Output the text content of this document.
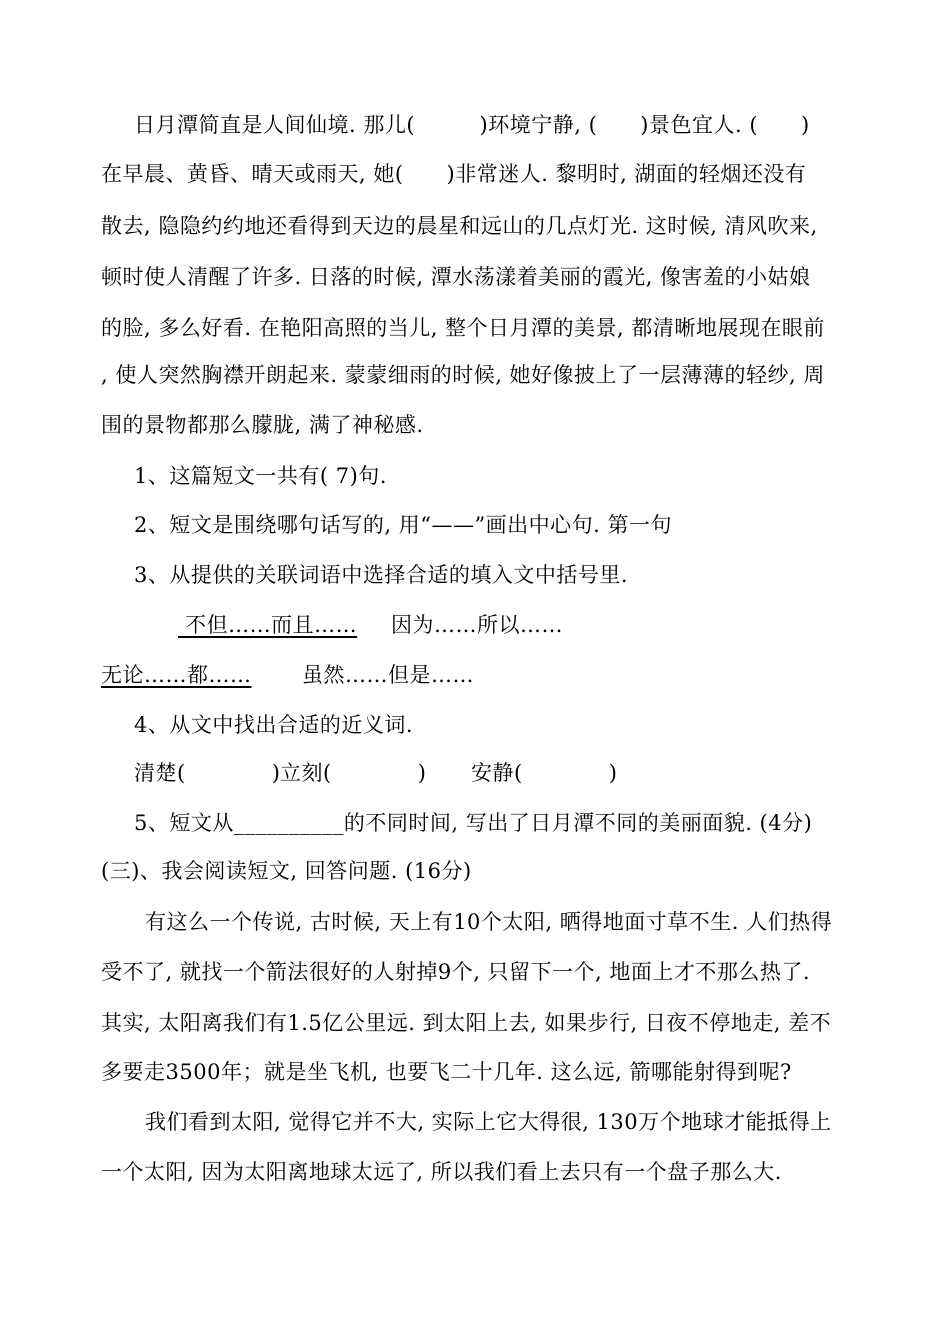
日月潭简直是人间仙境. 那儿(　　　)环境宁静, (　　)景色宜人. (　　)
在早晨、黄昏、晴天或雨天, 她(　　)非常迷人. 黎明时, 湖面的轻烟还没有
散去, 隐隐约约地还看得到天边的晨星和远山的几点灯光. 这时候, 清风吹来,
顿时使人清醒了许多. 日落的时候, 潭水荡漾着美丽的霞光, 像害羞的小姑娘
的脸, 多么好看. 在艳阳高照的当儿, 整个日月潭的美景, 都清晰地展现在眼前
, 使人突然胸襟开朗起来. 蒙蒙细雨的时候, 她好像披上了一层薄薄的轻纱, 周
围的景物都那么朦胧, 满了神秘感.
1、这篇短文一共有( 7)句.
2、短文是围绕哪句话写的, 用“——”画出中心句. 第一句
3、从提供的关联词语中选择合适的填入文中括号里.
不但……而且…… 因为……所以……
无论……都…… 虽然……但是……
4、从文中找出合适的近义词.
清楚(　　　　) 立刻(　　　　) 安静(　　　　)
5、短文从__________的不同时间, 写出了日月潭不同的美丽面貌. (4分)
(三)、我会阅读短文, 回答问题. (16分)
有这么一个传说, 古时候, 天上有10个太阳, 晒得地面寸草不生. 人们热得
受不了, 就找一个箭法很好的人射掉9个, 只留下一个, 地面上才不那么热了.
其实, 太阳离我们有1.5亿公里远. 到太阳上去, 如果步行, 日夜不停地走, 差不
多要走3500年；就是坐飞机, 也要飞二十几年. 这么远, 箭哪能射得到呢?
我们看到太阳, 觉得它并不大, 实际上它大得很, 130万个地球才能抵得上
一个太阳, 因为太阳离地球太远了, 所以我们看上去只有一个盘子那么大.
